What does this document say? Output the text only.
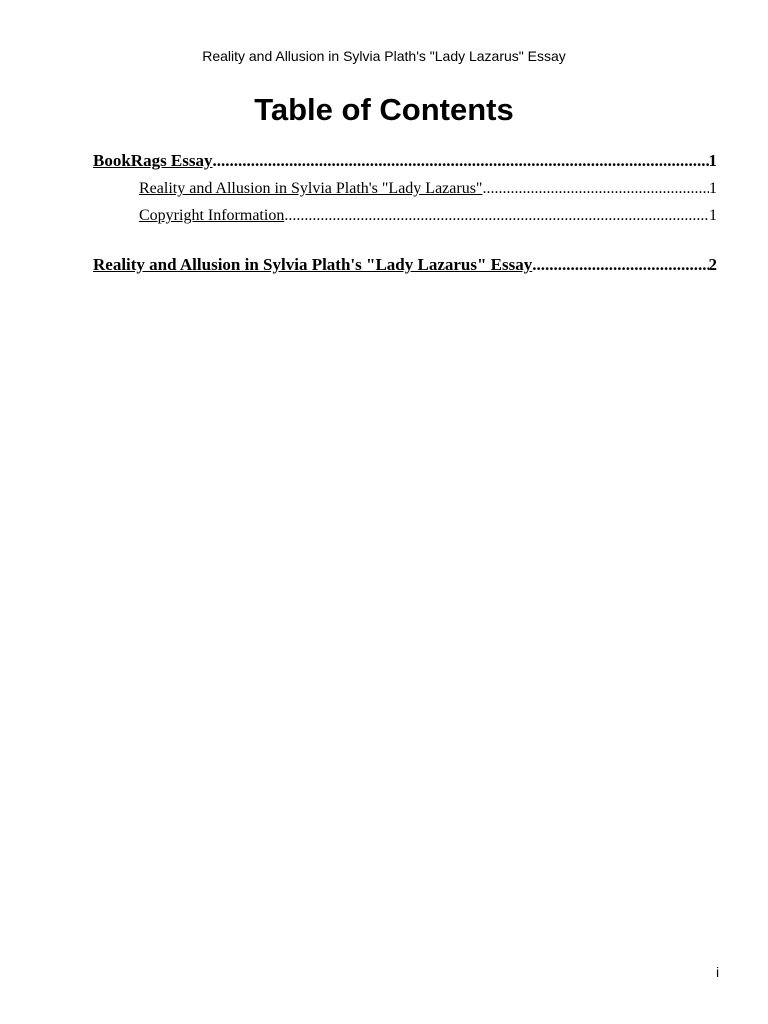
Reality and Allusion in Sylvia Plath's "Lady Lazarus" Essay
Table of Contents
BookRags Essay .....	1
Reality and Allusion in Sylvia Plath's "Lady Lazarus" .....	1
Copyright Information .....	1
Reality and Allusion in Sylvia Plath's "Lady Lazarus" Essay .....	2
i
